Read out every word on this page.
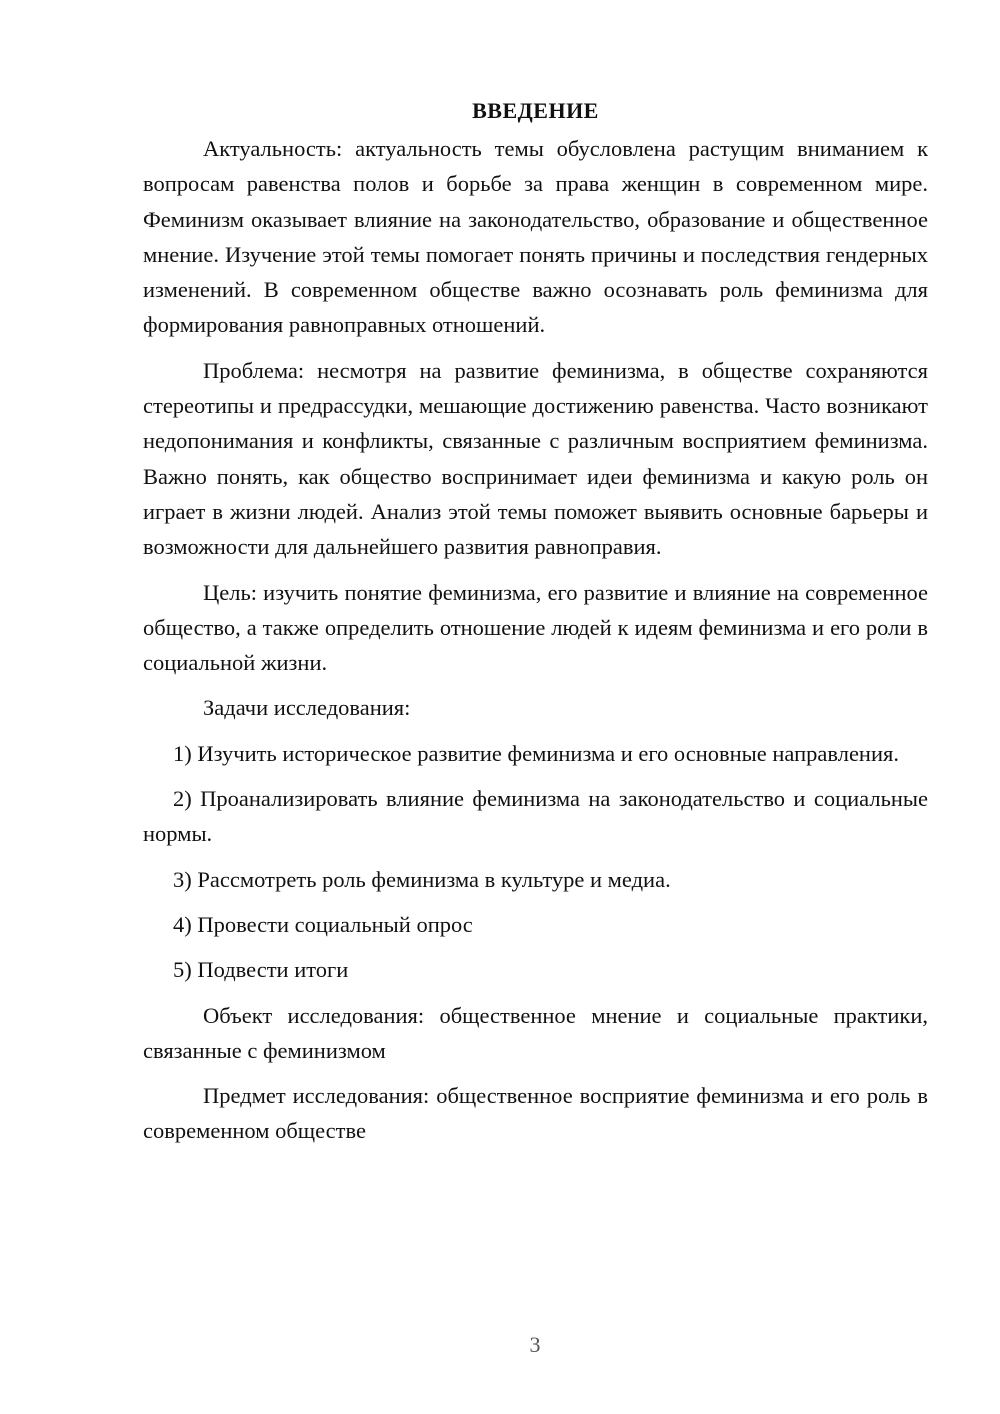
ВВЕДЕНИЕ

Актуальность: актуальность темы обусловлена растущим вниманием к вопросам равенства полов и борьбе за права женщин в современном мире. Феминизм оказывает влияние на законодательство, образование и общественное мнение. Изучение этой темы помогает понять причины и последствия гендерных изменений. В современном обществе важно осознавать роль феминизма для формирования равноправных отношений.

Проблема: несмотря на развитие феминизма, в обществе сохраняются стереотипы и предрассудки, мешающие достижению равенства. Часто возникают недопонимания и конфликты, связанные с различным восприятием феминизма. Важно понять, как общество воспринимает идеи феминизма и какую роль он играет в жизни людей. Анализ этой темы поможет выявить основные барьеры и возможности для дальнейшего развития равноправия.

Цель: изучить понятие феминизма, его развитие и влияние на современное общество, а также определить отношение людей к идеям феминизма и его роли в социальной жизни.

Задачи исследования:

1) Изучить историческое развитие феминизма и его основные направления.

2) Проанализировать влияние феминизма на законодательство и социальные нормы.

3) Рассмотреть роль феминизма в культуре и медиа.

4) Провести социальный опрос

5) Подвести итоги

Объект исследования: общественное мнение и социальные практики, связанные с феминизмом

Предмет исследования: общественное восприятие феминизма и его роль в современном обществе

3
